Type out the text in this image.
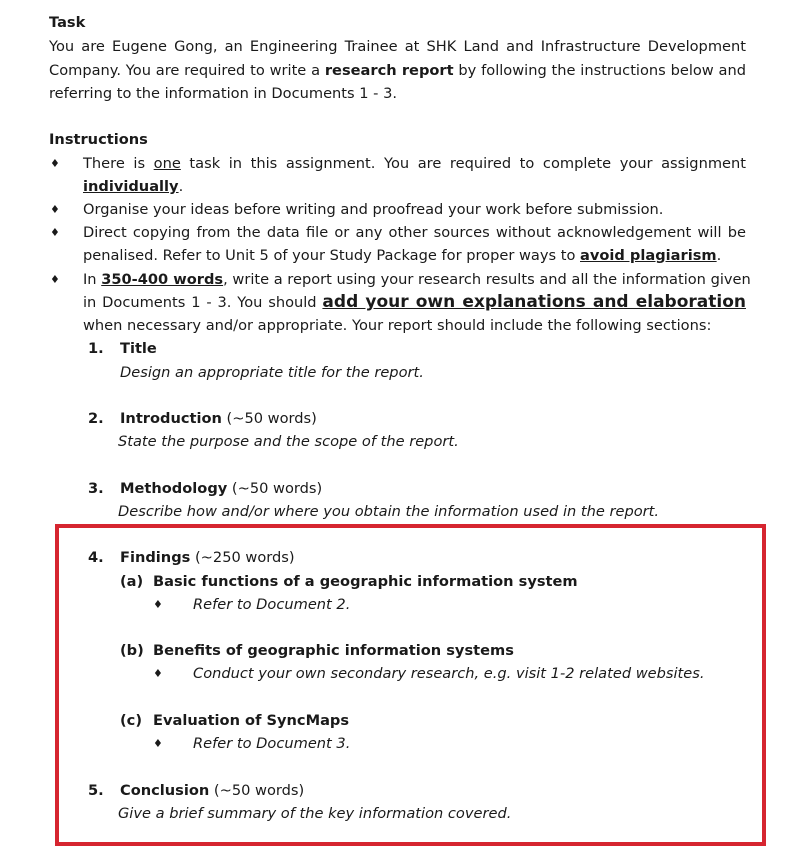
Task
You are Eugene Gong, an Engineering Trainee at SHK Land and Infrastructure Development
Company. You are required to write a research report by following the instructions below and
referring to the information in Documents 1 - 3.
Instructions
♦ There is one task in this assignment. You are required to complete your assignment
individually.
♦ Organise your ideas before writing and proofread your work before submission.
♦ Direct copying from the data file or any other sources without acknowledgement will be
penalised. Refer to Unit 5 of your Study Package for proper ways to avoid plagiarism.
♦ In 350-400 words, write a report using your research results and all the information given
in Documents 1 - 3. You should add your own explanations and elaboration
when necessary and/or appropriate. Your report should include the following sections:
1. Title
Design an appropriate title for the report.
2. Introduction (~50 words)
State the purpose and the scope of the report.
3. Methodology (~50 words)
Describe how and/or where you obtain the information used in the report.
4. Findings (~250 words)
(a) Basic functions of a geographic information system
♦ Refer to Document 2.
(b) Benefits of geographic information systems
♦ Conduct your own secondary research, e.g. visit 1-2 related websites.
(c) Evaluation of SyncMaps
♦ Refer to Document 3.
5. Conclusion (~50 words)
Give a brief summary of the key information covered.
